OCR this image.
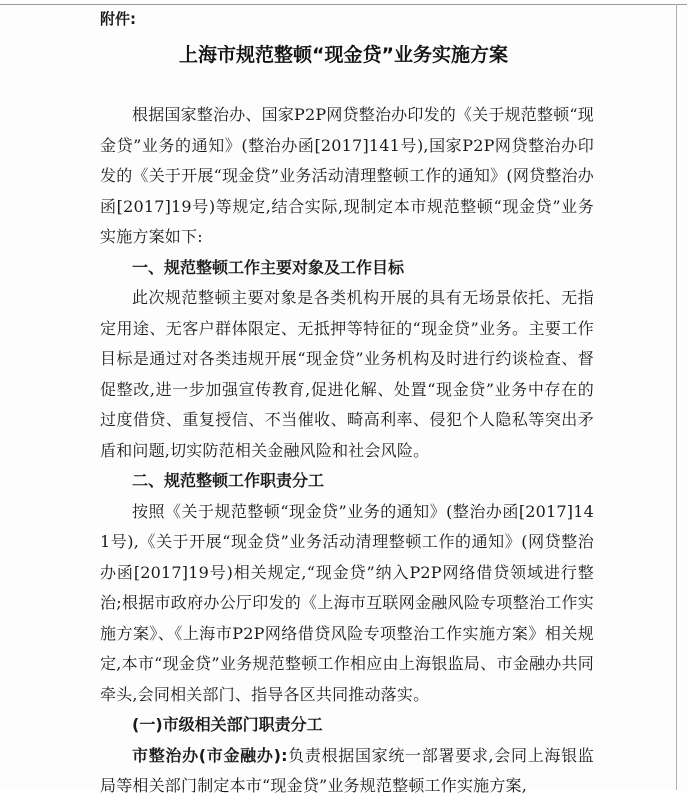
附件:
上海市规范整顿“现金贷”业务实施方案

根据国家整治办、国家P2P网贷整治办印发的《关于规范整顿“现金贷”业务的通知》(整治办函[2017]141号),国家P2P网贷整治办印发的《关于开展“现金贷”业务活动清理整顿工作的通知》(网贷整治办函[2017]19号)等规定,结合实际,现制定本市规范整顿“现金贷”业务实施方案如下:

一、规范整顿工作主要对象及工作目标

此次规范整顿主要对象是各类机构开展的具有无场景依托、无指定用途、无客户群体限定、无抵押等特征的“现金贷”业务。主要工作目标是通过对各类违规开展“现金贷”业务机构及时进行约谈检查、督促整改,进一步加强宣传教育,促进化解、处置“现金贷”业务中存在的过度借贷、重复授信、不当催收、畸高利率、侵犯个人隐私等突出矛盾和问题,切实防范相关金融风险和社会风险。

二、规范整顿工作职责分工

按照《关于规范整顿“现金贷”业务的通知》(整治办函[2017]141号),《关于开展“现金贷”业务活动清理整顿工作的通知》(网贷整治办函[2017]19号)相关规定,“现金贷”纳入P2P网络借贷领域进行整治;根据市政府办公厅印发的《上海市互联网金融风险专项整治工作实施方案》、《上海市P2P网络借贷风险专项整治工作实施方案》相关规定,本市“现金贷”业务规范整顿工作相应由上海银监局、市金融办共同牵头,会同相关部门、指导各区共同推动落实。

(一)市级相关部门职责分工

市整治办(市金融办):负责根据国家统一部署要求,会同上海银监局等相关部门制定本市“现金贷”业务规范整顿工作实施方案,
